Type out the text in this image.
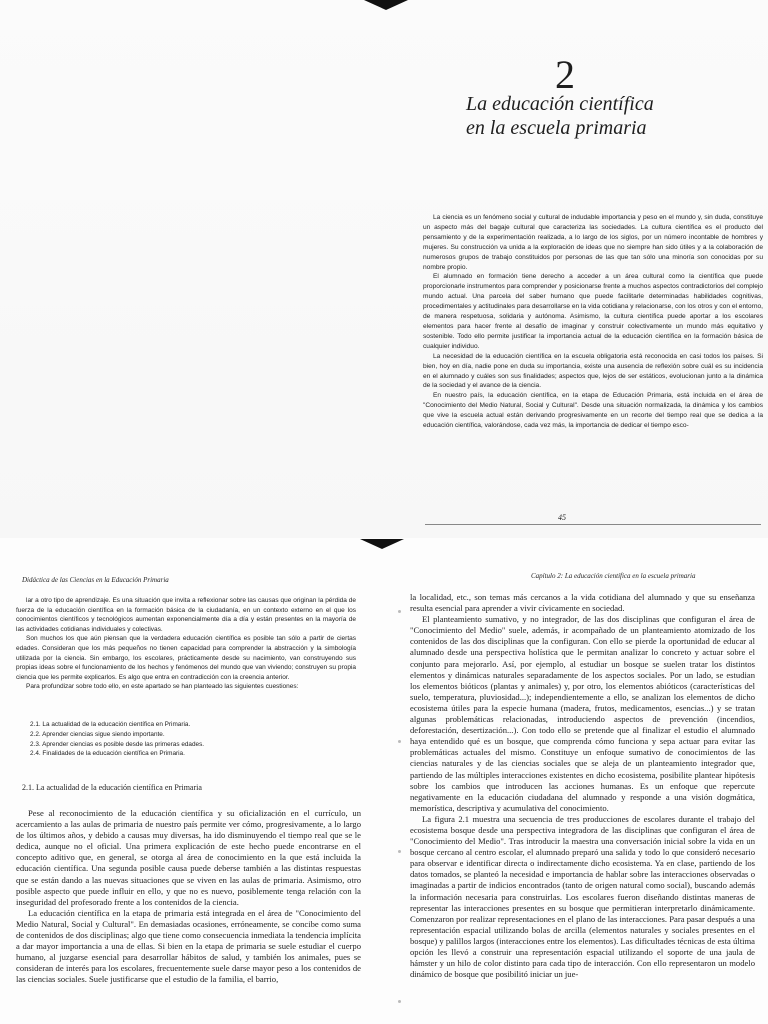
2
La educación científica
en la escuela primaria

La ciencia es un fenómeno social y cultural de indudable importancia y peso en el mundo y, sin duda, constituye un aspecto más del bagaje cultural que caracteriza las sociedades. La cultura científica es el producto del pensamiento y de la experimentación realizada, a lo largo de los siglos, por un número incontable de hombres y mujeres. Su construcción va unida a la exploración de ideas que no siempre han sido útiles y a la colaboración de numerosos grupos de trabajo constituidos por personas de las que tan sólo una minoría son conocidas por su nombre propio.

El alumnado en formación tiene derecho a acceder a un área cultural como la científica que puede proporcionarle instrumentos para comprender y posicionarse frente a muchos aspectos contradictorios del complejo mundo actual. Una parcela del saber humano que puede facilitarle determinadas habilidades cognitivas, procedimentales y actitudinales para desarrollarse en la vida cotidiana y relacionarse, con los otros y con el entorno, de manera respetuosa, solidaria y autónoma. Asimismo, la cultura científica puede aportar a los escolares elementos para hacer frente al desafío de imaginar y construir colectivamente un mundo más equitativo y sostenible. Todo ello permite justificar la importancia actual de la educación científica en la formación básica de cualquier individuo.

La necesidad de la educación científica en la escuela obligatoria está reconocida en casi todos los países. Si bien, hoy en día, nadie pone en duda su importancia, existe una ausencia de reflexión sobre cuál es su incidencia en el alumnado y cuáles son sus finalidades; aspectos que, lejos de ser estáticos, evolucionan junto a la dinámica de la sociedad y el avance de la ciencia.

En nuestro país, la educación científica, en la etapa de Educación Primaria, está incluida en el área de "Conocimiento del Medio Natural, Social y Cultural". Desde una situación normalizada, la dinámica y los cambios que vive la escuela actual están derivando progresivamente en un recorte del tiempo real que se dedica a la educación científica, valorándose, cada vez más, la importancia de dedicar el tiempo esco-

45
Didáctica de las Ciencias en la Educación Primaria

lar a otro tipo de aprendizaje. Es una situación que invita a reflexionar sobre las causas que originan la pérdida de fuerza de la educación científica en la formación básica de la ciudadanía, en un contexto externo en el que los conocimientos científicos y tecnológicos aumentan exponencialmente día a día y están presentes en la mayoría de las actividades cotidianas individuales y colectivas.

Son muchos los que aún piensan que la verdadera educación científica es posible tan sólo a partir de ciertas edades. Consideran que los más pequeños no tienen capacidad para comprender la abstracción y la simbología utilizada por la ciencia. Sin embargo, los escolares, prácticamente desde su nacimiento, van construyendo sus propias ideas sobre el funcionamiento de los hechos y fenómenos del mundo que van viviendo; construyen su propia ciencia que les permite explicarlos. Es algo que entra en contradicción con la creencia anterior.

Para profundizar sobre todo ello, en este apartado se han planteado las siguientes cuestiones:

2.1. La actualidad de la educación científica en Primaria.
2.2. Aprender ciencias sigue siendo importante.
2.3. Aprender ciencias es posible desde las primeras edades.
2.4. Finalidades de la educación científica en Primaria.
2.1. La actualidad de la educación científica en Primaria

Pese al reconocimiento de la educación científica y su oficialización en el currículo, un acercamiento a las aulas de primaria de nuestro país permite ver cómo, progresivamente, a lo largo de los últimos años, y debido a causas muy diversas, ha ido disminuyendo el tiempo real que se le dedica, aunque no el oficial. Una primera explicación de este hecho puede encontrarse en el concepto aditivo que, en general, se otorga al área de conocimiento en la que está incluida la educación científica. Una segunda posible causa puede deberse también a las distintas respuestas que se están dando a las nuevas situaciones que se viven en las aulas de primaria. Asimismo, otro posible aspecto que puede influir en ello, y que no es nuevo, posiblemente tenga relación con la inseguridad del profesorado frente a los contenidos de la ciencia.

La educación científica en la etapa de primaria está integrada en el área de "Conocimiento del Medio Natural, Social y Cultural". En demasiadas ocasiones, erróneamente, se concibe como suma de contenidos de dos disciplinas; algo que tiene como consecuencia inmediata la tendencia implícita a dar mayor importancia a una de ellas. Si bien en la etapa de primaria se suele estudiar el cuerpo humano, al juzgarse esencial para desarrollar hábitos de salud, y también los animales, pues se consideran de interés para los escolares, frecuentemente suele darse mayor peso a los contenidos de las ciencias sociales. Suele justificarse que el estudio de la familia, el barrio,

Capítulo 2: La educación científica en la escuela primaria

la localidad, etc., son temas más cercanos a la vida cotidiana del alumnado y que su enseñanza resulta esencial para aprender a vivir cívicamente en sociedad.

El planteamiento sumativo, y no integrador, de las dos disciplinas que configuran el área de "Conocimiento del Medio" suele, además, ir acompañado de un planteamiento atomizado de los contenidos de las dos disciplinas que la configuran. Con ello se pierde la oportunidad de educar al alumnado desde una perspectiva holística que le permitan analizar lo concreto y actuar sobre el conjunto para mejorarlo. Así, por ejemplo, al estudiar un bosque se suelen tratar los distintos elementos y dinámicas naturales separadamente de los aspectos sociales. Por un lado, se estudian los elementos bióticos (plantas y animales) y, por otro, los elementos abióticos (características del suelo, temperatura, pluviosidad...); independientemente a ello, se analizan los elementos de dicho ecosistema útiles para la especie humana (madera, frutos, medicamentos, esencias...) y se tratan algunas problemáticas relacionadas, introduciendo aspectos de prevención (incendios, deforestación, desertización...). Con todo ello se pretende que al finalizar el estudio el alumnado haya entendido qué es un bosque, que comprenda cómo funciona y sepa actuar para evitar las problemáticas actuales del mismo. Constituye un enfoque sumativo de conocimientos de las ciencias naturales y de las ciencias sociales que se aleja de un planteamiento integrador que, partiendo de las múltiples interacciones existentes en dicho ecosistema, posibilite plantear hipótesis sobre los cambios que introducen las acciones humanas. Es un enfoque que repercute negativamente en la educación ciudadana del alumnado y responde a una visión dogmática, memorística, descriptiva y acumulativa del conocimiento.

La figura 2.1 muestra una secuencia de tres producciones de escolares durante el trabajo del ecosistema bosque desde una perspectiva integradora de las disciplinas que configuran el área de "Conocimiento del Medio". Tras introducir la maestra una conversación inicial sobre la vida en un bosque cercano al centro escolar, el alumnado preparó una salida y todo lo que consideró necesario para observar e identificar directa o indirectamente dicho ecosistema. Ya en clase, partiendo de los datos tomados, se planteó la necesidad e importancia de hablar sobre las interacciones observadas o imaginadas a partir de indicios encontrados (tanto de origen natural como social), buscando además la información necesaria para construirlas. Los escolares fueron diseñando distintas maneras de representar las interacciones presentes en su bosque que permitieran interpretarlo dinámicamente. Comenzaron por realizar representaciones en el plano de las interacciones. Para pasar después a una representación espacial utilizando bolas de arcilla (elementos naturales y sociales presentes en el bosque) y palillos largos (interacciones entre los elementos). Las dificultades técnicas de esta última opción les llevó a construir una representación espacial utilizando el soporte de una jaula de hámster y un hilo de color distinto para cada tipo de interacción. Con ello representaron un modelo dinámico de bosque que posibilitó iniciar un jue-
